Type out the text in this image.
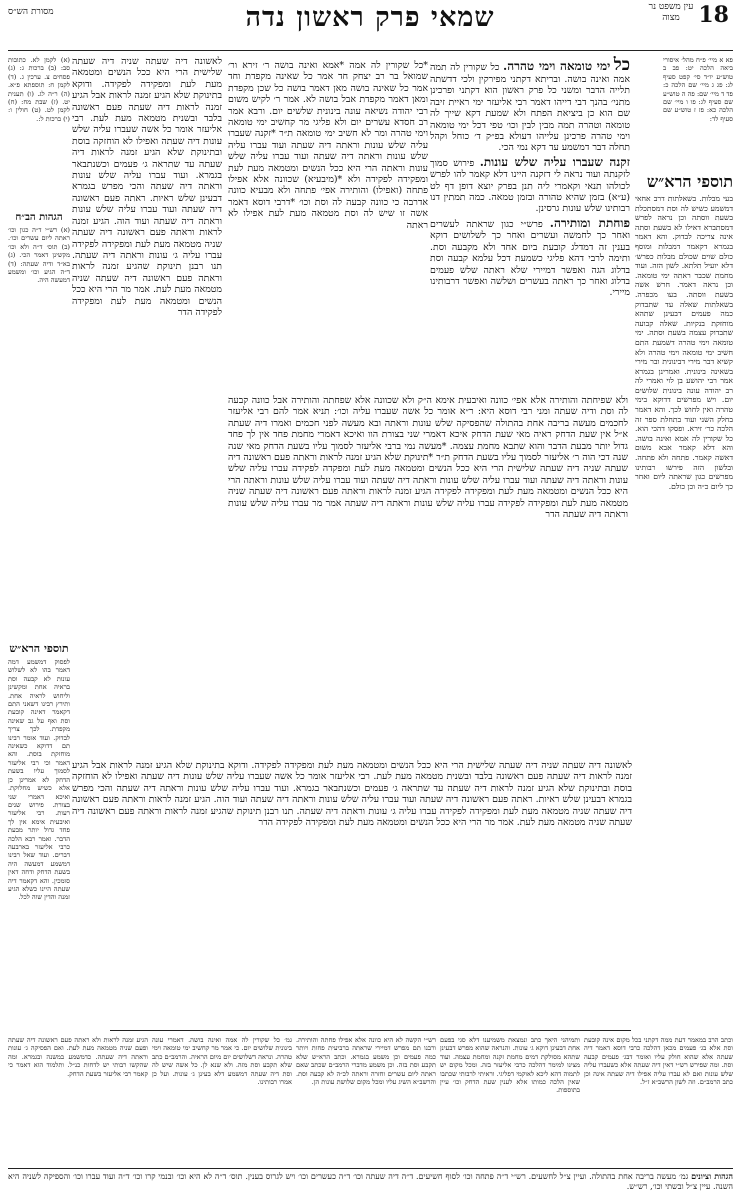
18
עין משפט נר מצוה
שמאי פרק ראשון נדה
מסורת הש״ס

פא א מיי׳ פ״ח מהל׳ איסורי ביאה הלכה יט: פב ב טוש״ע יו״ד סי׳ קפט סעיף לג: פג ג מיי׳ שם הלכה כ: פד ד מיי׳ שם: פה ה טוש״ע שם סעיף לג: פו ו מיי׳ שם הלכה כא: פז ז טוש״ע שם סעיף לד:

תוספי הרא״ש

בעי מבלות. בשאלתות דרב אחאי דמשמע כשיש לה וסת דמסתכלת בשעת ווסתה וכן נראה לפרש דמסתברא דאילו לא בשעת וסתה אינה צריכה לבדוק. והא דאמר בגמרא דקאמר דמבלות ומוסף כולם שוים שכולם מבלות כפרש׳ דלא יועיל תלתא. לשון הזה. ועוד מחמת שכבר ראתה ימי טומאה. וכן נראה דאמר. חרש אשה בשעת ווסתה. בעו מכפרה. בשאלתות שאלה עד שתבדוק כמה פעמים דבעינן שתהא מוחזקת בנקיות. שאלה קבועה שתבדוק עצמה בשעת וסתה. ימי טומאה וימי טהרה דשמעת התם חשיב ימי טומאה וימי טהרה ולא קשיא דבר מירי דבינונית ובר מירי בשאינה בינונית. ואמרינן בגמרא אמר רבי יהושע בן לוי ואמרי לה רב יהודה עונה בינונית שלושים יום. ויש מפרשים דדוקא בימי טהרה ואין לחוש לכך. והא דאמר בחלק השני ועוד בתחלת ספר זה הלכה כר׳ זירא. ופסקו דהכי הוא. כל שקורין לה אמא ואינה בושה. והא דלא קאמר אבא משום דאשה קאמר. פתחה ולא פתחה. ובלשון הזה פירשו רבותינו מפרשים כגון שראתה ליום ואחר כך ליום כ״ה וכן כולם.

כל ימי טומאה וימי טהרה. כל שקורין לה תמה אמה ואינה בושה. ובריתא דקתני מפירקין ולכי דדשתה תלייה הדבר ומשני כל פרק ראשון הוא דקתני ופרכינן מתני׳ בהנך דבי דייהו דאמר רבי אליעזר ימי ראיית זיבה שם הוא כן ביציאת הפתח ולא שמעת דקא שייך לה טומאה וטהרה תמה מבין לבין וכו׳ טפי דכל ימי טומאה וימי טהרה פרכינן עלייהו דעולא בפ״ק ד׳ כוחל וקהל תחלה דבר דמשמע עד דקא נמי הכי.

זקנה שעברו עליה שלש עונות. פירוש סמוך לזקנתה ועוד נראה לי דזקנה היינו דלא קאמר להו לפרש לכולהו תנאי וקאמרי ליה תנן בפרק יוצא דופן דף לט (ע״א) בזמן שהיא טהורה ובזמן טמאה. כמה תמתין דנו רבותינו שלש עונות גרסינן.

פוחתת ומותירה. פרש״י כגון שראתה לעשרים ואחר כך לחמשה ועשרים ואחר כך לשלושים דוקא בענין זה דמדלג קובעת ביום אחד ולא מקבעה וסת. ותימה לרבי דהא פליגי כשמעת דכל עלמא קבעה וסת בדלוג הגה ואפשר דמיירי שלא ראתה שלש פעמים בדלוג ואחר כך ראתה בעשרים ושלשה ואפשר דרבותינו מיירי.

לאשונה דיה שעתה שניה דיה שעתה שלישית הרי היא ככל הנשים ומטמאה מעת לעת ומפקידה לפקידה. ודוקא בתינוקת שלא הגיע זמנה לראות אבל הגיע זמנה לראות דיה שעתה פעם ראשונה בלבד ובשנית מטמאה מעת לעת. רבי אליעזר אומר כל אשה שעברו עליה שלש עונות דיה שעתה ואפילו לא הוחזקה בוסת ובתינוקת שלא הגיע זמנה לראות דיה שעתה עד שתראה ג׳ פעמים וכשנתבאר בגמרא. ועוד עברו עליה שלש עונות וראתה דיה שעתה והכי מפרש בגמרא דבעינן שלש ראיות. ראתה פעם ראשונה דיה שעתה ועוד עברו עליה שלש עונות וראתה דיה שעתה ועוד הוה. הגיע זמנה לראות וראתה פעם ראשונה דיה שעתה שניה מטמאה מעת לעת ומפקידה לפקידה עברו עליה ג׳ עונות וראתה דיה שעתה. תנו רבנן תינוקת שהגיע זמנה לראות וראתה פעם ראשונה דיה שעתה שניה מטמאה מעת לעת. אמר מר הרי היא ככל הנשים ומטמאה מעת לעת ומפקידה לפקידה הדר

*כל שקורין לה אמה *אמא ואינה בושה ר׳ זירא ור׳ שמואל בר רב יצחק חד אמר כל שאינה מקפדת וחד אמר כל שאינה בושה מאן דאמר בושה כל שכן מקפדת ומאן דאמר מקפדת אבל בושה לא. אמר ר׳ לקיש משום רבי יהודה נשיאה עונה בינונית שלשים יום. ורבא אמר רב חסדא עשרים יום ולא פליגי מר קחשיב ימי טומאה וימי טהרה ומר לא חשיב ימי טומאה ת״ר *זקנה שעברו עליה שלש עונות וראתה דיה שעתה ועוד עברו עליה שלש עונות וראתה דיה שעתה ועוד עברו עליה שלש עונות וראתה הרי היא ככל הנשים ומטמאה מעת לעת ומפקידה לפקידה ולא *(מיבעיא) שכוונה אלא אפילו פתחה (ואפילו) והותירה אפי׳ פתחה ולא מבעיא כוונה אדרבה כי כוונה קבעה לה וסת וכו׳ *דרבי דוסא דאמר אשה זו שיש לה וסת מטמאה מעת לעת אפילו לא ראתה

ולא שפיחתה והותירה אלא אפי׳ כוונה ואיבעית אימא ה״ק ולא שכוונה אלא שפחתה והותירה אבל כוונה קבעה לה וסת ודיה שעתה ומני רבי דוסא היא: ר״א אומר כל אשה שעברו עליה וכו׳: תניא אמר להם רבי אליעזר לחכמים מעשה בריבה אחת בהתולה שהפסיקה שלש עונות וראתה ובא מעשה לפני חכמים ואמרו דיה שעתה א״ל אין שעת הדחק ראיה מאי שעת הדחק איכא דאמרי שני בצורת הוו ואיכא דאמרי מחמת פחד אין לך פחד גדול יותר מבעת הדבר והוא שתבא מחמת עצמה. *מעשה נמי ברבי אליעזר לסמוך עליו בשעת הדחק מאי שנה שנה דכי הוה ר׳ אליעזר לסמוך עליו בשעת הדחק ת״ר *תינוקת שלא הגיע זמנה לראות וראתה פעם ראשונה דיה שעתה שניה דיה שעתה שלישית הרי היא ככל הנשים ומטמאה מעת לעת ומפקדה לפקידה עברו עליה שלש עונות וראתה דיה שעתה ועוד עברו עליה שלש עונות וראתה דיה שעתה ועוד עברו עליה שלש עונות וראתה הרי היא ככל הנשים ומטמאה מעת לעת ומפקידה לפקידה הגיע זמנה לראות וראתה פעם ראשונה דיה שעתה שניה מטמאה מעת לעת ומפקידה לפקידה עברו עליה שלש עונות וראתה דיה שעתה אמר מר עברו עליה שלש עונות וראתה דיה שעתה הדר

(א) לקמן לא. כתובות סב: (ב) ברכות ג: (ג) פסחים צ. ערכין ג. (ד) לקמן ח: תוספתא פ״א. (ה) ר״ה לג. (ו) תענית יט. (ז) שבת מח: (ח) לקמן לט. (ט) חולין ו: (י) ברכות ל:.

הגהות הב״ח

(א) רש״י ד״ה כגון וכו׳ ראתה ליום עשרים וכו׳. (ב) תוס׳ ד״ה ולא וכו׳ מקשינן דאמר הכי. (ג) בא״ד ודיה שעתה: (ד) ד״ה הגיע וכו׳ ומשמע דמעשה היה.

תוספי הרא״ש

לפסוק דמשמע דמה דאמר בהו לא לשלוש עונות לא קבעה וסת בראיה אחת ומקשינן וליחוש לראיה אחת. ותירץ רבינו דשאני התם דקאמר דאינה קובעת וסת ואף על גב שאינה מקפדת. לכך צריך לבדוק. ועוד אומר רבינו תם דדוקא כשאינה מוחזקת בוסת. והא דאמר וכי רבי אליעזר לסמוך עליו בשעת הדחק לא אמרינן כן אלא כשיש מחלוקת. ואיכא דאמרי שני בצורת. פירוש שנים רעות. רבי אליעזר ואיבעית אימא אין לך פחד גדול יותר מבעת הדבר. ואמר רבא הלכה כרבי אליעזר בארבעה דברים. ועוד שאל רבינו דמשמע דמעשה היה בשעת הדחק ודחה דאין סומכין. והא דקאמר דיה שעתה היינו כשלא הגיע זמנה והדין שוה לכל.

לאשונה דיה שעתה שניה דיה שעתה שלישית הרי היא ככל הנשים ומטמאה מעת לעת ומפקידה לפקידה. ודוקא בתינוקת שלא הגיע זמנה לראות אבל הגיע זמנה לראות דיה שעתה פעם ראשונה בלבד ובשנית מטמאה מעת לעת. רבי אליעזר אומר כל אשה שעברו עליה שלש עונות דיה שעתה ואפילו לא הוחזקה בוסת ובתינוקת שלא הגיע זמנה לראות דיה שעתה עד שתראה ג׳ פעמים וכשנתבאר בגמרא. ועוד עברו עליה שלש עונות וראתה דיה שעתה והכי מפרש בגמרא דבעינן שלש ראיות. ראתה פעם ראשונה דיה שעתה ועוד עברו עליה שלש עונות וראתה דיה שעתה ועוד הוה. הגיע זמנה לראות וראתה פעם ראשונה דיה שעתה שניה מטמאה מעת לעת ומפקידה לפקידה עברו עליה ג׳ עונות וראתה דיה שעתה. תנו רבנן תינוקת שהגיע זמנה לראות וראתה פעם ראשונה דיה שעתה שניה מטמאה מעת לעת. אמר מר הרי היא ככל הנשים ומטמאה מעת לעת ומפקידה לפקידה הדר

הגיע זמנה לראות ולא ראתה פעם ראשונה דיה שעתה ופעם שניה מטמאה מעת לעת. ואם הפסיקה ג׳ עונות וראתה דיה שעתה. כדמשמע במשנה ובגמרא. ומה שהקשו רבותי יש לדחות כנ״ל. ותלמוד הוא דאמר כי קאמר רבי אליעזר בשעת הדחק.

גמ׳ כל שקורין לה אמה ואינה בושה. דאמרי עונה בינונית שלושים יום. כי אמר מר קחשיב ימי טומאה וימי טהרה. ונראה דשלושים יום מיום הראיה. והרמב״ם כתב שלא תקבע וסת מזה. ולא שנא לן. כל אשה שיש לה וסת דיה שעתה דמשמע דלא בעינן ג׳ עונות. ועל כן אמרו רבותינו.

רש״י הקשה לא היא כוונה אלא אפילו פחתה והותירה. ורבנו תם מפרש דמיירי שראתה ברביעית פחות ויותר כמה פעמים וכן משמע בגמרא. וכתב הרא״ש שלא תקבע וסת בזה. וכן משמע מדברי הרמב״ם שכתב שאם ראתה ליום עשרים וחזרה וראתה לכ״ה לא קבעה וסת. והרשב״א השיג עליו ומכל מקום שלושת עונות הן.

ותמיהני היאך כתב ונמצאת משמיענו דלא סגי בפעם אחת דבעינן דוקא ג׳ עונות. והנראה שהוא מפרש דבעינן שתהא מסולקת דמים מחמת זקנה ומחמת עצמה. ועוד מצינו למימר דהלכה כרבי אליעזר בזה. ומכל מקום יש לתמוה דהא ליכא לאוקמי דפליגי. וראיתי לרבותי שכתבו שאין הלכה כמותו אלא לענין שעת הדחק וכו׳ עיין בתוספות.

וכתב הרב במאמר דעת ממה דקתני בכל מקום אינה קובעת וסת אלא בג׳ פעמים מכאן דהלכה כרבי דוסא דאמר דיה שעתה אלא שהוא חולק עליו ואומר דבג׳ פעמים קבעה וסת. ומה שפירש רש״י דאין דיה שעתה אלא כשעברו עליה שלש עונות ואם לא עברו עליה אפילו דיה שעתה אינה וכן כתב הרמב״ם. וזה לשון הרשב״א ז״ל.

הגהות וציונים גמ׳ מעשה בריבה אחת בהתולה. ועיין צ״ל לחשעים. רש״י ד״ה פתחה וכו׳ לסוף חשיעים. ד״ה דיה שעתה וכו׳ ד״ה כעשרים וכו׳ ויש לגרוס בענין. תוס׳ ד״ה לא היא וכו׳ ובנמי קרו וכו׳ ד״ה ועוד עברו וכו׳ והספיקה לשניה היא השנה. עיין צ״ל ובשתי וכו׳, רש״ש.
